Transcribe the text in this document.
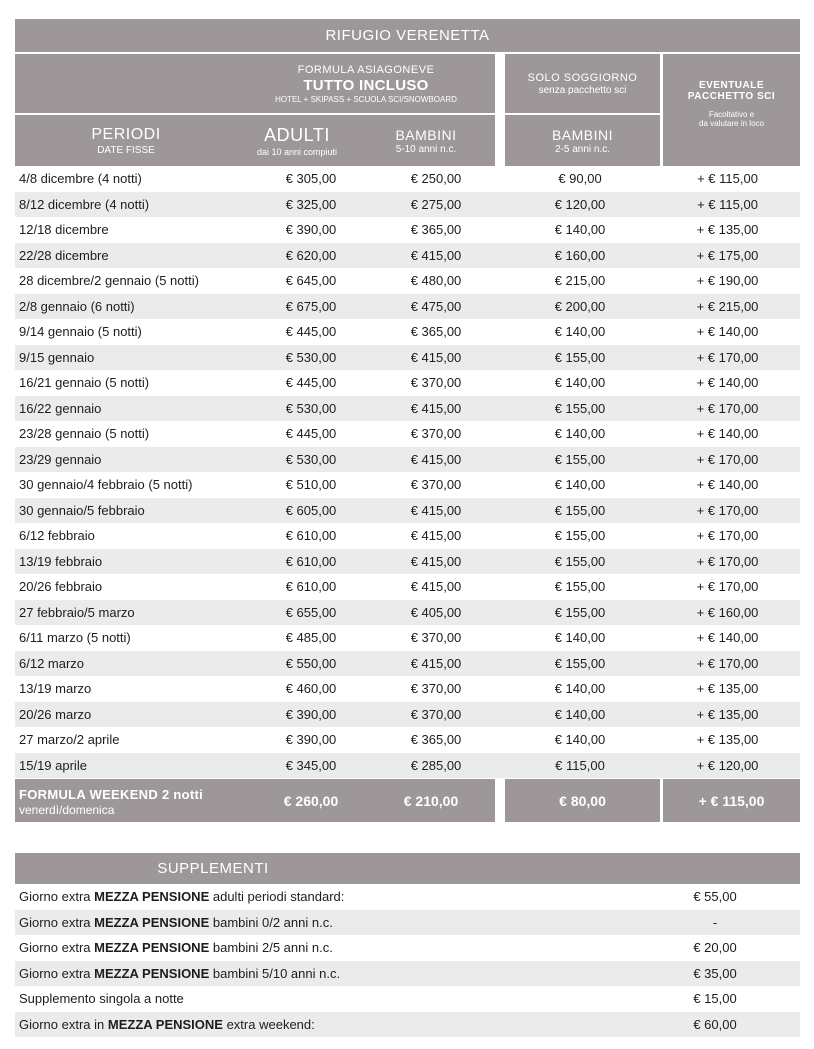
RIFUGIO VERENETTA
FORMULA ASIAGONEVE
TUTTO INCLUSO
HOTEL + SKIPASS + SCUOLA SCI/SNOWBOARD
PERIODI
DATE FISSE
ADULTI
dai 10 anni compiuti
BAMBINI
5-10 anni n.c.
SOLO SOGGIORNO
senza pacchetto sci
BAMBINI
2-5 anni n.c.
EVENTUALE
PACCHETTO SCI
Facoltativo e
da valutare in loco
4/8 dicembre (4 notti)	€ 305,00	€ 250,00	€ 90,00	+ € 115,00
8/12 dicembre (4 notti)	€ 325,00	€ 275,00	€ 120,00	+ € 115,00
12/18 dicembre	€ 390,00	€ 365,00	€ 140,00	+ € 135,00
22/28 dicembre	€ 620,00	€ 415,00	€ 160,00	+ € 175,00
28 dicembre/2 gennaio (5 notti)	€ 645,00	€ 480,00	€ 215,00	+ € 190,00
2/8 gennaio (6 notti)	€ 675,00	€ 475,00	€ 200,00	+ € 215,00
9/14 gennaio (5 notti)	€ 445,00	€ 365,00	€ 140,00	+ € 140,00
9/15 gennaio	€ 530,00	€ 415,00	€ 155,00	+ € 170,00
16/21 gennaio (5 notti)	€ 445,00	€ 370,00	€ 140,00	+ € 140,00
16/22 gennaio	€ 530,00	€ 415,00	€ 155,00	+ € 170,00
23/28 gennaio (5 notti)	€ 445,00	€ 370,00	€ 140,00	+ € 140,00
23/29 gennaio	€ 530,00	€ 415,00	€ 155,00	+ € 170,00
30 gennaio/4 febbraio (5 notti)	€ 510,00	€ 370,00	€ 140,00	+ € 140,00
30 gennaio/5 febbraio	€ 605,00	€ 415,00	€ 155,00	+ € 170,00
6/12 febbraio	€ 610,00	€ 415,00	€ 155,00	+ € 170,00
13/19 febbraio	€ 610,00	€ 415,00	€ 155,00	+ € 170,00
20/26 febbraio	€ 610,00	€ 415,00	€ 155,00	+ € 170,00
27 febbraio/5 marzo	€ 655,00	€ 405,00	€ 155,00	+ € 160,00
6/11 marzo (5 notti)	€ 485,00	€ 370,00	€ 140,00	+ € 140,00
6/12 marzo	€ 550,00	€ 415,00	€ 155,00	+ € 170,00
13/19 marzo	€ 460,00	€ 370,00	€ 140,00	+ € 135,00
20/26 marzo	€ 390,00	€ 370,00	€ 140,00	+ € 135,00
27 marzo/2 aprile	€ 390,00	€ 365,00	€ 140,00	+ € 135,00
15/19 aprile	€ 345,00	€ 285,00	€ 115,00	+ € 120,00
FORMULA WEEKEND 2 notti
venerdì/domenica
€ 260,00	€ 210,00	€ 80,00	+ € 115,00
SUPPLEMENTI
Giorno extra MEZZA PENSIONE adulti periodi standard:	€ 55,00
Giorno extra MEZZA PENSIONE bambini 0/2 anni n.c.	-
Giorno extra MEZZA PENSIONE bambini 2/5 anni n.c.	€ 20,00
Giorno extra MEZZA PENSIONE bambini 5/10 anni n.c.	€ 35,00
Supplemento singola a notte	€ 15,00
Giorno extra in MEZZA PENSIONE extra weekend:	€ 60,00
